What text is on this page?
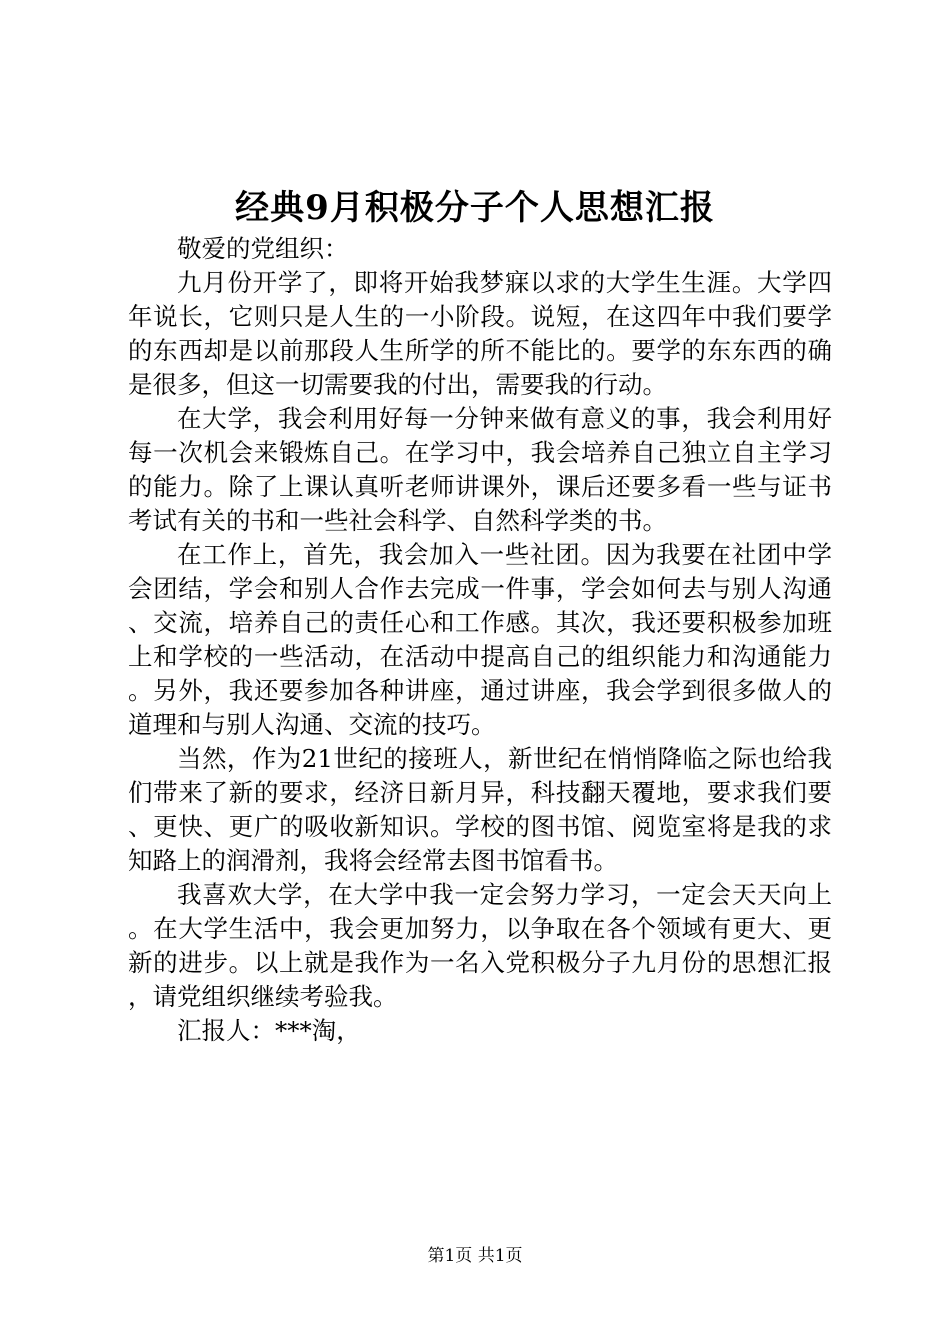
经典9月积极分子个人思想汇报

敬爱的党组织：

九月份开学了，即将开始我梦寐以求的大学生生涯。大学四年说长，它则只是人生的一小阶段。说短，在这四年中我们要学的东西却是以前那段人生所学的所不能比的。要学的东东西的确是很多，但这一切需要我的付出，需要我的行动。

在大学，我会利用好每一分钟来做有意义的事，我会利用好每一次机会来锻炼自己。在学习中，我会培养自己独立自主学习的能力。除了上课认真听老师讲课外，课后还要多看一些与证书考试有关的书和一些社会科学、自然科学类的书。

在工作上，首先，我会加入一些社团。因为我要在社团中学会团结，学会和别人合作去完成一件事，学会如何去与别人沟通、交流，培养自己的责任心和工作感。其次，我还要积极参加班上和学校的一些活动，在活动中提高自己的组织能力和沟通能力。另外，我还要参加各种讲座，通过讲座，我会学到很多做人的道理和与别人沟通、交流的技巧。

当然，作为21世纪的接班人，新世纪在悄悄降临之际也给我们带来了新的要求，经济日新月异，科技翻天覆地，要求我们要、更快、更广的吸收新知识。学校的图书馆、阅览室将是我的求知路上的润滑剂，我将会经常去图书馆看书。

我喜欢大学，在大学中我一定会努力学习，一定会天天向上。在大学生活中，我会更加努力，以争取在各个领域有更大、更新的进步。以上就是我作为一名入党积极分子九月份的思想汇报，请党组织继续考验我。

汇报人：***淘，

第1页 共1页
